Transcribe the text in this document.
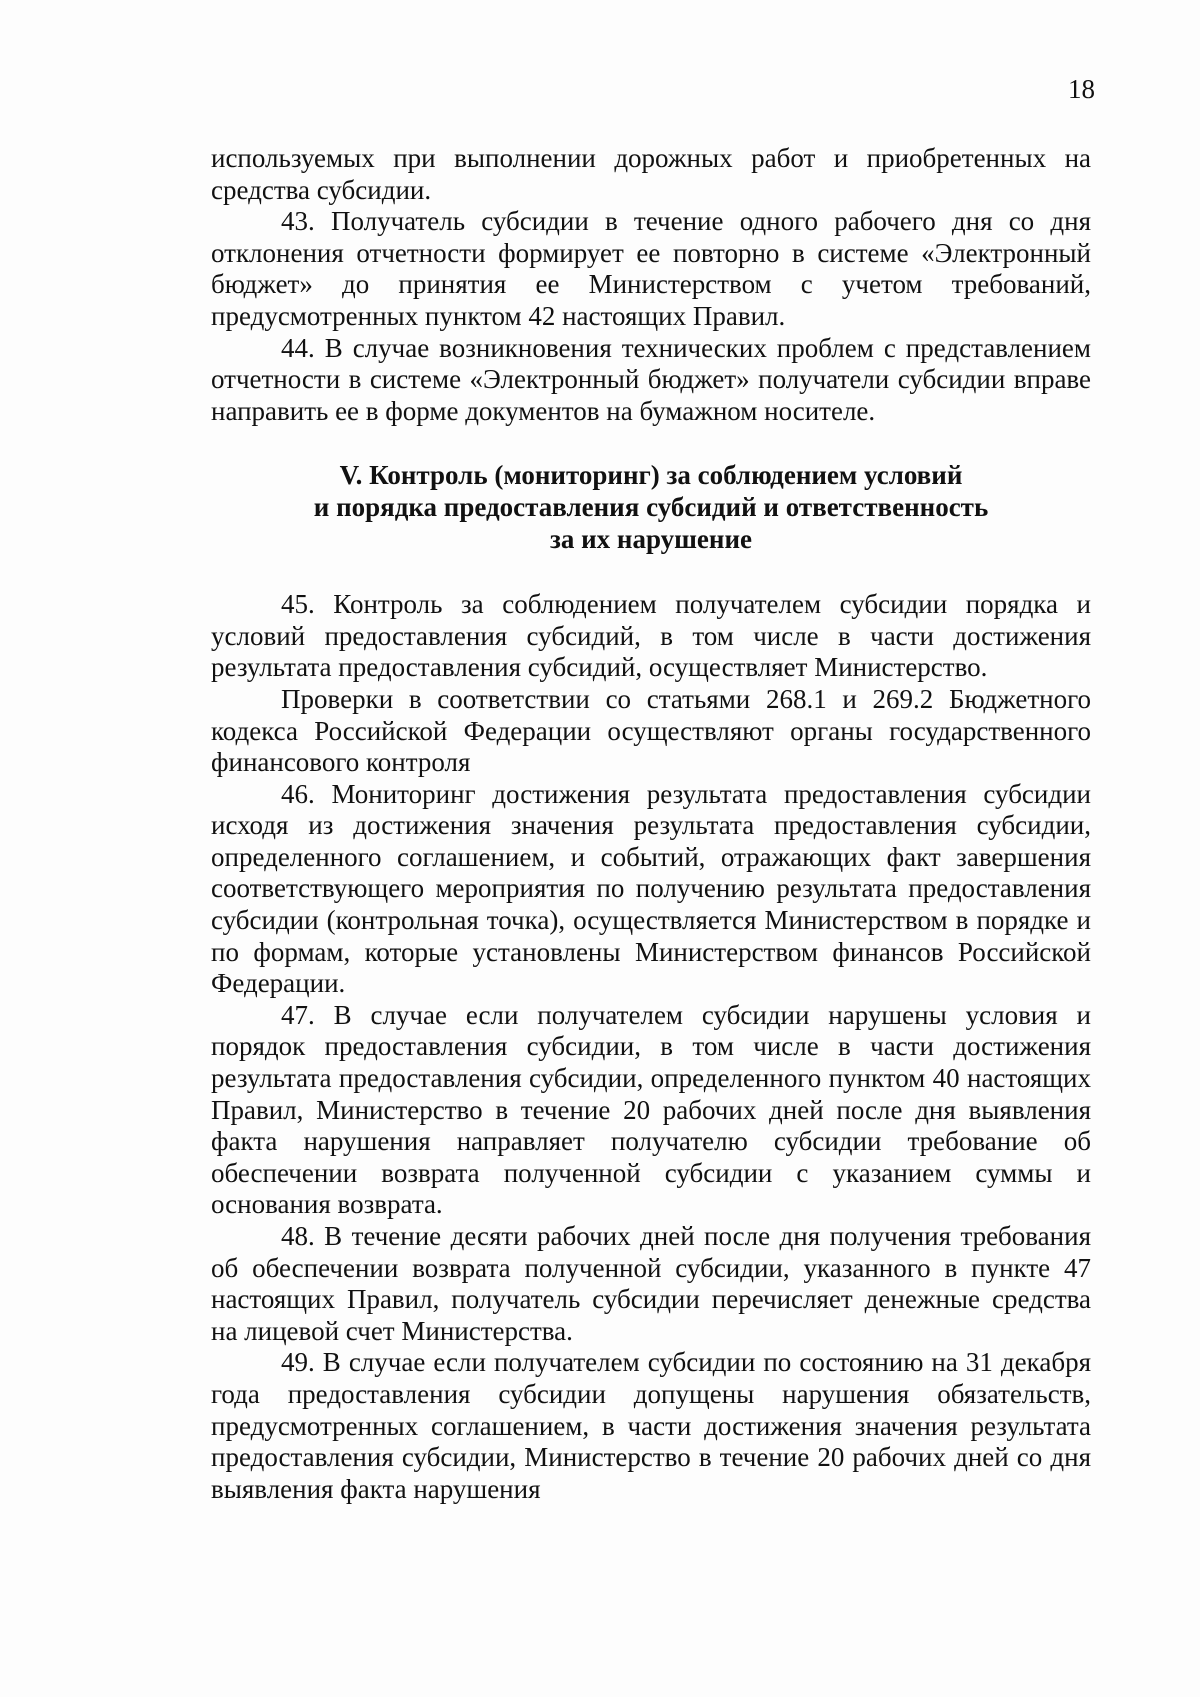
18

используемых при выполнении дорожных работ и приобретенных на средства субсидии.

43. Получатель субсидии в течение одного рабочего дня со дня отклонения отчетности формирует ее повторно в системе «Электронный бюджет» до принятия ее Министерством с учетом требований, предусмотренных пунктом 42 настоящих Правил.

44. В случае возникновения технических проблем с представлением отчетности в системе «Электронный бюджет» получатели субсидии вправе направить ее в форме документов на бумажном носителе.

V. Контроль (мониторинг) за соблюдением условий
и порядка предоставления субсидий и ответственность
за их нарушение

45. Контроль за соблюдением получателем субсидии порядка и условий предоставления субсидий, в том числе в части достижения результата предоставления субсидий, осуществляет Министерство.

Проверки в соответствии со статьями 268.1 и 269.2 Бюджетного кодекса Российской Федерации осуществляют органы государственного финансового контроля

46. Мониторинг достижения результата предоставления субсидии исходя из достижения значения результата предоставления субсидии, определенного соглашением, и событий, отражающих факт завершения соответствующего мероприятия по получению результата предоставления субсидии (контрольная точка), осуществляется Министерством в порядке и по формам, которые установлены Министерством финансов Российской Федерации.

47. В случае если получателем субсидии нарушены условия и порядок предоставления субсидии, в том числе в части достижения результата предоставления субсидии, определенного пунктом 40 настоящих Правил, Министерство в течение 20 рабочих дней после дня выявления факта нарушения направляет получателю субсидии требование об обеспечении возврата полученной субсидии с указанием суммы и основания возврата.

48. В течение десяти рабочих дней после дня получения требования об обеспечении возврата полученной субсидии, указанного в пункте 47 настоящих Правил, получатель субсидии перечисляет денежные средства на лицевой счет Министерства.

49. В случае если получателем субсидии по состоянию на 31 декабря года предоставления субсидии допущены нарушения обязательств, предусмотренных соглашением, в части достижения значения результата предоставления субсидии, Министерство в течение 20 рабочих дней со дня выявления факта нарушения
